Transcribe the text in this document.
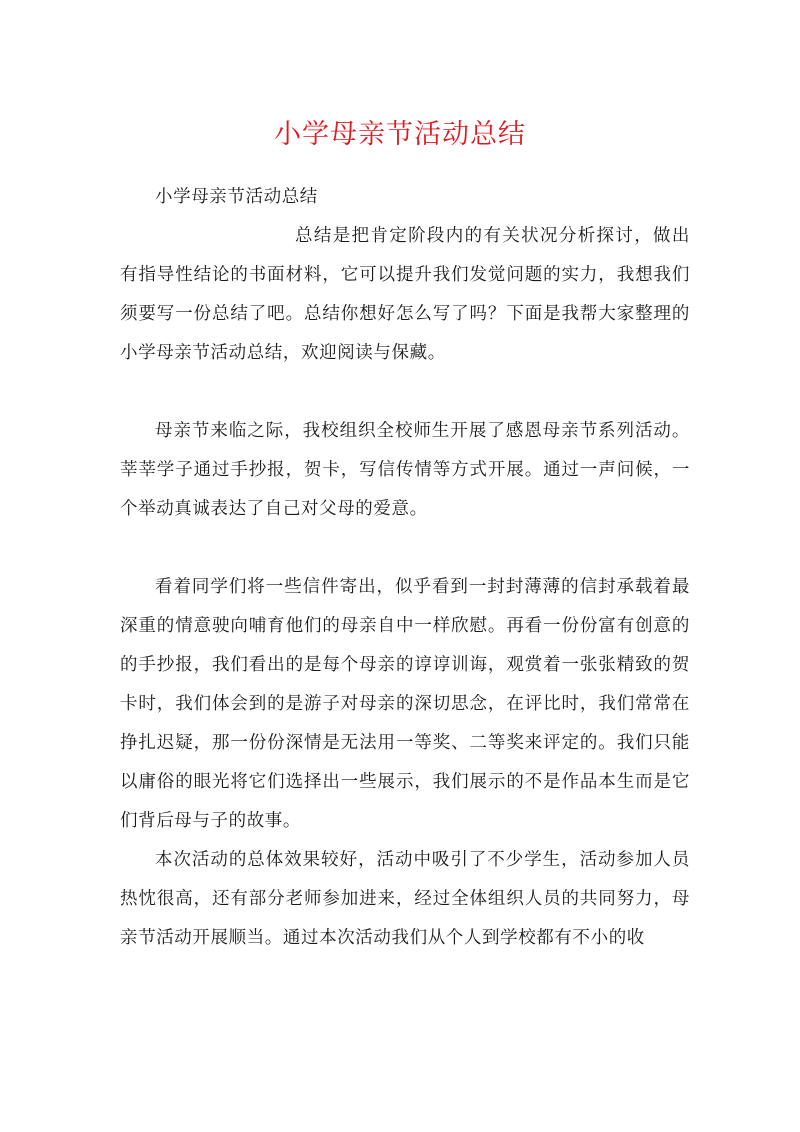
小学母亲节活动总结

小学母亲节活动总结

总结是把肯定阶段内的有关状况分析探讨，做出有指导性结论的书面材料，它可以提升我们发觉问题的实力，我想我们须要写一份总结了吧。总结你想好怎么写了吗？下面是我帮大家整理的小学母亲节活动总结，欢迎阅读与保藏。

母亲节来临之际，我校组织全校师生开展了感恩母亲节系列活动。莘莘学子通过手抄报，贺卡，写信传情等方式开展。通过一声问候，一个举动真诚表达了自己对父母的爱意。

看着同学们将一些信件寄出，似乎看到一封封薄薄的信封承载着最深重的情意驶向哺育他们的母亲自中一样欣慰。再看一份份富有创意的的手抄报，我们看出的是每个母亲的谆谆训诲，观赏着一张张精致的贺卡时，我们体会到的是游子对母亲的深切思念，在评比时，我们常常在挣扎迟疑，那一份份深情是无法用一等奖、二等奖来评定的。我们只能以庸俗的眼光将它们选择出一些展示，我们展示的不是作品本生而是它们背后母与子的故事。

本次活动的总体效果较好，活动中吸引了不少学生，活动参加人员热忱很高，还有部分老师参加进来，经过全体组织人员的共同努力，母亲节活动开展顺当。通过本次活动我们从个人到学校都有不小的收
